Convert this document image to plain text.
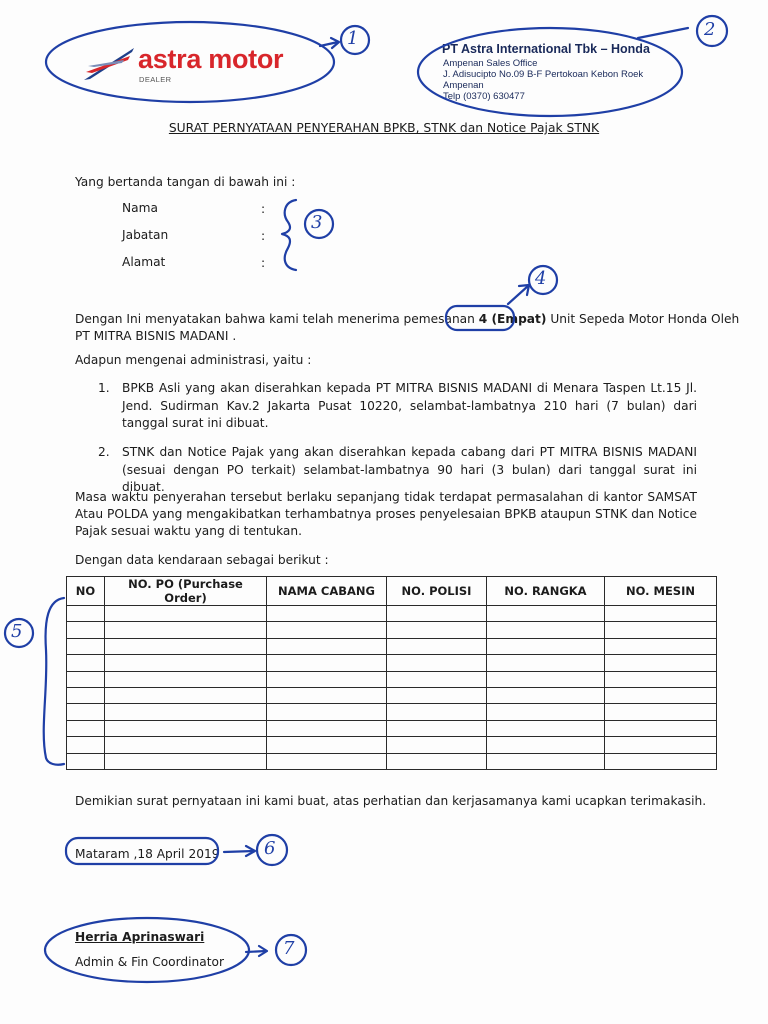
astra motor
DEALER
PT Astra International Tbk – Honda
Ampenan Sales Office
J. Adisucipto No.09 B-F Pertokoan Kebon Roek
Ampenan
Telp (0370) 630477
SURAT PERNYATAAN PENYERAHAN BPKB, STNK dan Notice Pajak STNK
Yang bertanda tangan di bawah ini :
Nama	:
Jabatan	:
Alamat	:
Dengan Ini menyatakan bahwa kami telah menerima pemesanan 4 (Empat) Unit Sepeda Motor Honda Oleh
PT MITRA BISNIS MADANI .
Adapun mengenai administrasi, yaitu :
1. BPKB Asli yang akan diserahkan kepada PT MITRA BISNIS MADANI di Menara Taspen Lt.15 Jl. Jend. Sudirman Kav.2 Jakarta Pusat 10220, selambat-lambatnya 210 hari (7 bulan) dari tanggal surat ini dibuat.
2. STNK dan Notice Pajak yang akan diserahkan kepada cabang dari PT MITRA BISNIS MADANI (sesuai dengan PO terkait) selambat-lambatnya 90 hari (3 bulan) dari tanggal surat ini dibuat.
Masa waktu penyerahan tersebut berlaku sepanjang tidak terdapat permasalahan di kantor SAMSAT Atau POLDA yang mengakibatkan terhambatnya proses penyelesaian BPKB ataupun STNK dan Notice Pajak sesuai waktu yang di tentukan.
Dengan data kendaraan sebagai berikut :
NO	NO. PO (Purchase Order)	NAMA CABANG	NO. POLISI	NO. RANGKA	NO. MESIN

Demikian surat pernyataan ini kami buat, atas perhatian dan kerjasamanya kami ucapkan terimakasih.
Mataram ,18 April 2019
Herria Aprinaswari
Admin & Fin Coordinator
1	2
3
4
5
6
7
